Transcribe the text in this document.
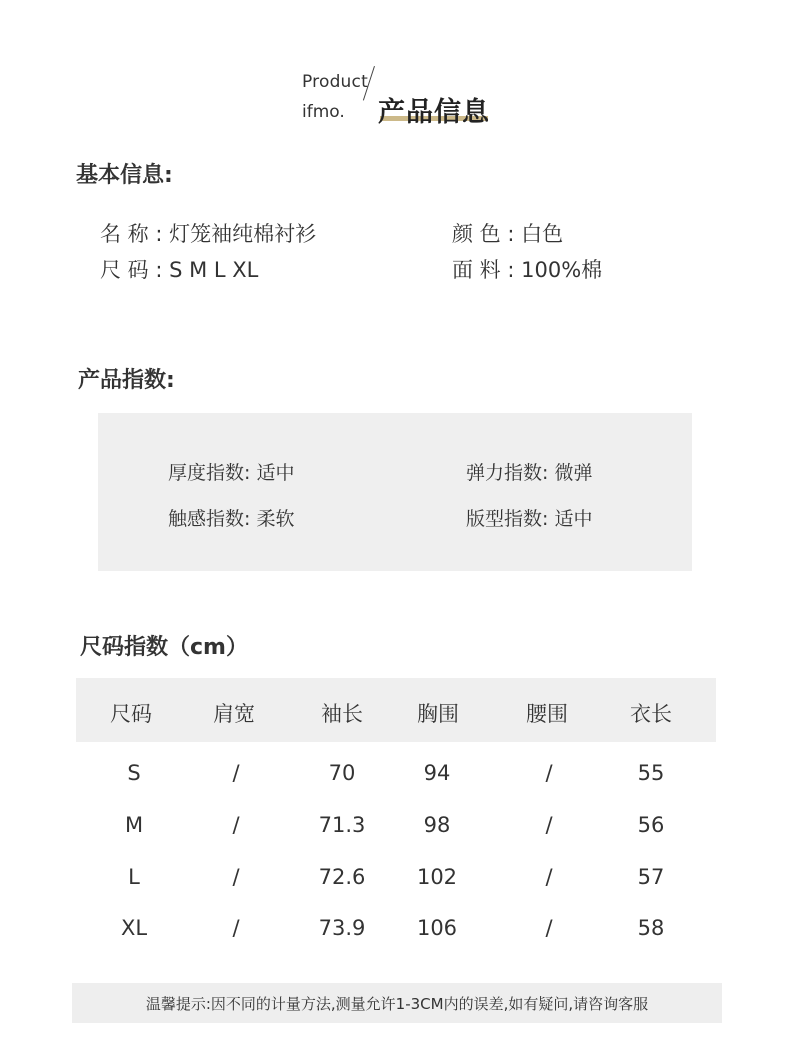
Product
ifmo. 产品信息
基本信息:
名 称 : 灯笼袖纯棉衬衫	颜 色 : 白色
尺 码 : S M L XL	面 料 : 100%棉
产品指数:
厚度指数: 适中	弹力指数: 微弹
触感指数: 柔软	版型指数: 适中
尺码指数（cm）
尺码	肩宽	袖长	胸围	腰围	衣长
S	/	70	94	/	55
M	/	71.3	98	/	56
L	/	72.6	102	/	57
XL	/	73.9	106	/	58
温馨提示:因不同的计量方法,测量允许1-3CM内的误差,如有疑问,请咨询客服
